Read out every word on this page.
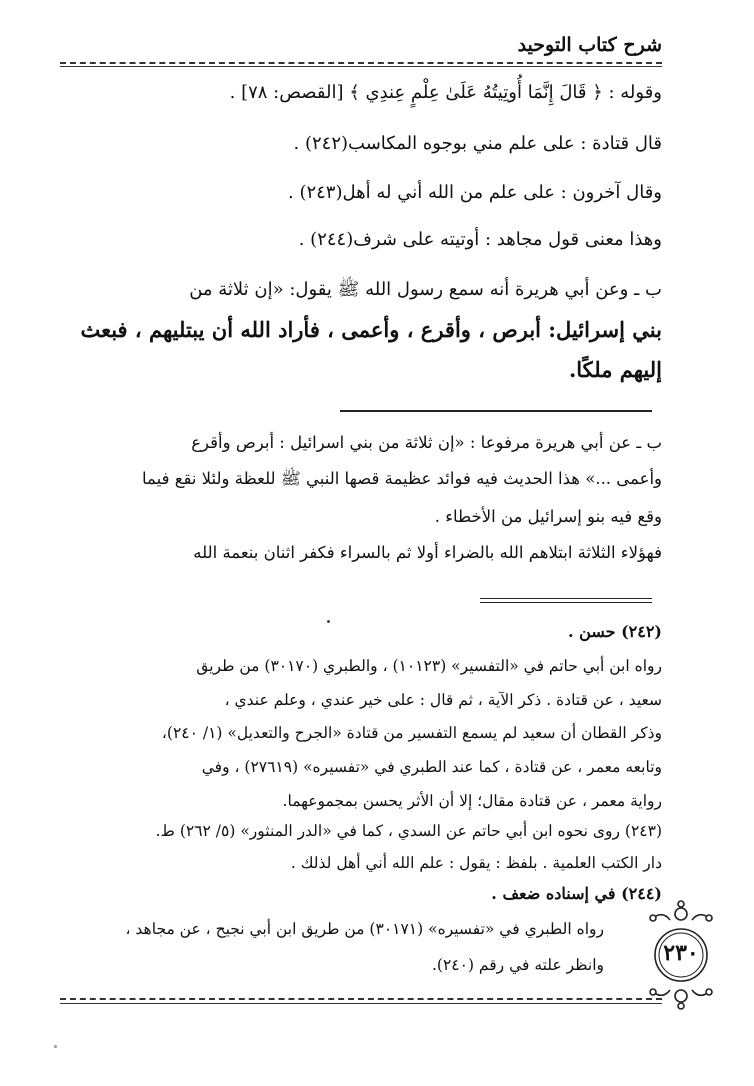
شرح كتاب التوحيد
وقوله : ﴿ قَالَ إِنَّمَا أُوتِيتُهُ عَلَىٰ عِلْمٍ عِندِي ﴾ [القصص: ٧٨] .
قال قتادة : على علم مني بوجوه المكاسب(٢٤٢) .
وقال آخرون : على علم من الله أني له أهل(٢٤٣) .
وهذا معنى قول مجاهد : أوتيته على شرف(٢٤٤) .
ب ـ وعن أبي هريرة أنه سمع رسول الله ﷺ يقول: «إن ثلاثة من
بني إسرائيل: أبرص ، وأقرع ، وأعمى ، فأراد الله أن يبتليهم ، فبعث
إليهم ملكًا.
ب ـ عن أبي هريرة مرفوعا : «إن ثلاثة من بني اسرائيل : أبرص وأقرع
وأعمى ...» هذا الحديث فيه فوائد عظيمة قصها النبي ﷺ للعظة ولئلا نقع فيما
وقع فيه بنو إسرائيل من الأخطاء .
فهؤلاء الثلاثة ابتلاهم الله بالضراء أولا ثم بالسراء فكفر اثنان بنعمة الله
(٢٤٢) حسن .
رواه ابن أبي حاتم في «التفسير» (١٠١٢٣) ، والطبري (٣٠١٧٠) من طريق
سعيد ، عن قتادة . ذكر الآية ، ثم قال : على خير عندي ، وعلم عندي ،
وذكر القطان أن سعيد لم يسمع التفسير من قتادة «الجرح والتعديل» (١/ ٢٤٠)،
وتابعه معمر ، عن قتادة ، كما عند الطبري في «تفسيره» (٢٧٦١٩) ، وفي
رواية معمر ، عن قتادة مقال؛ إلا أن الأثر يحسن بمجموعهما.
(٢٤٣) روى نحوه ابن أبي حاتم عن السدي ، كما في «الدر المنثور» (٥/ ٢٦٢) ط.
دار الكتب العلمية . بلفظ : يقول : علم الله أني أهل لذلك .
(٢٤٤) في إسناده ضعف .
رواه الطبري في «تفسيره» (٣٠١٧١) من طريق ابن أبي نجيح ، عن مجاهد ،
وانظر علته في رقم (٢٤٠).	٢٣٠
